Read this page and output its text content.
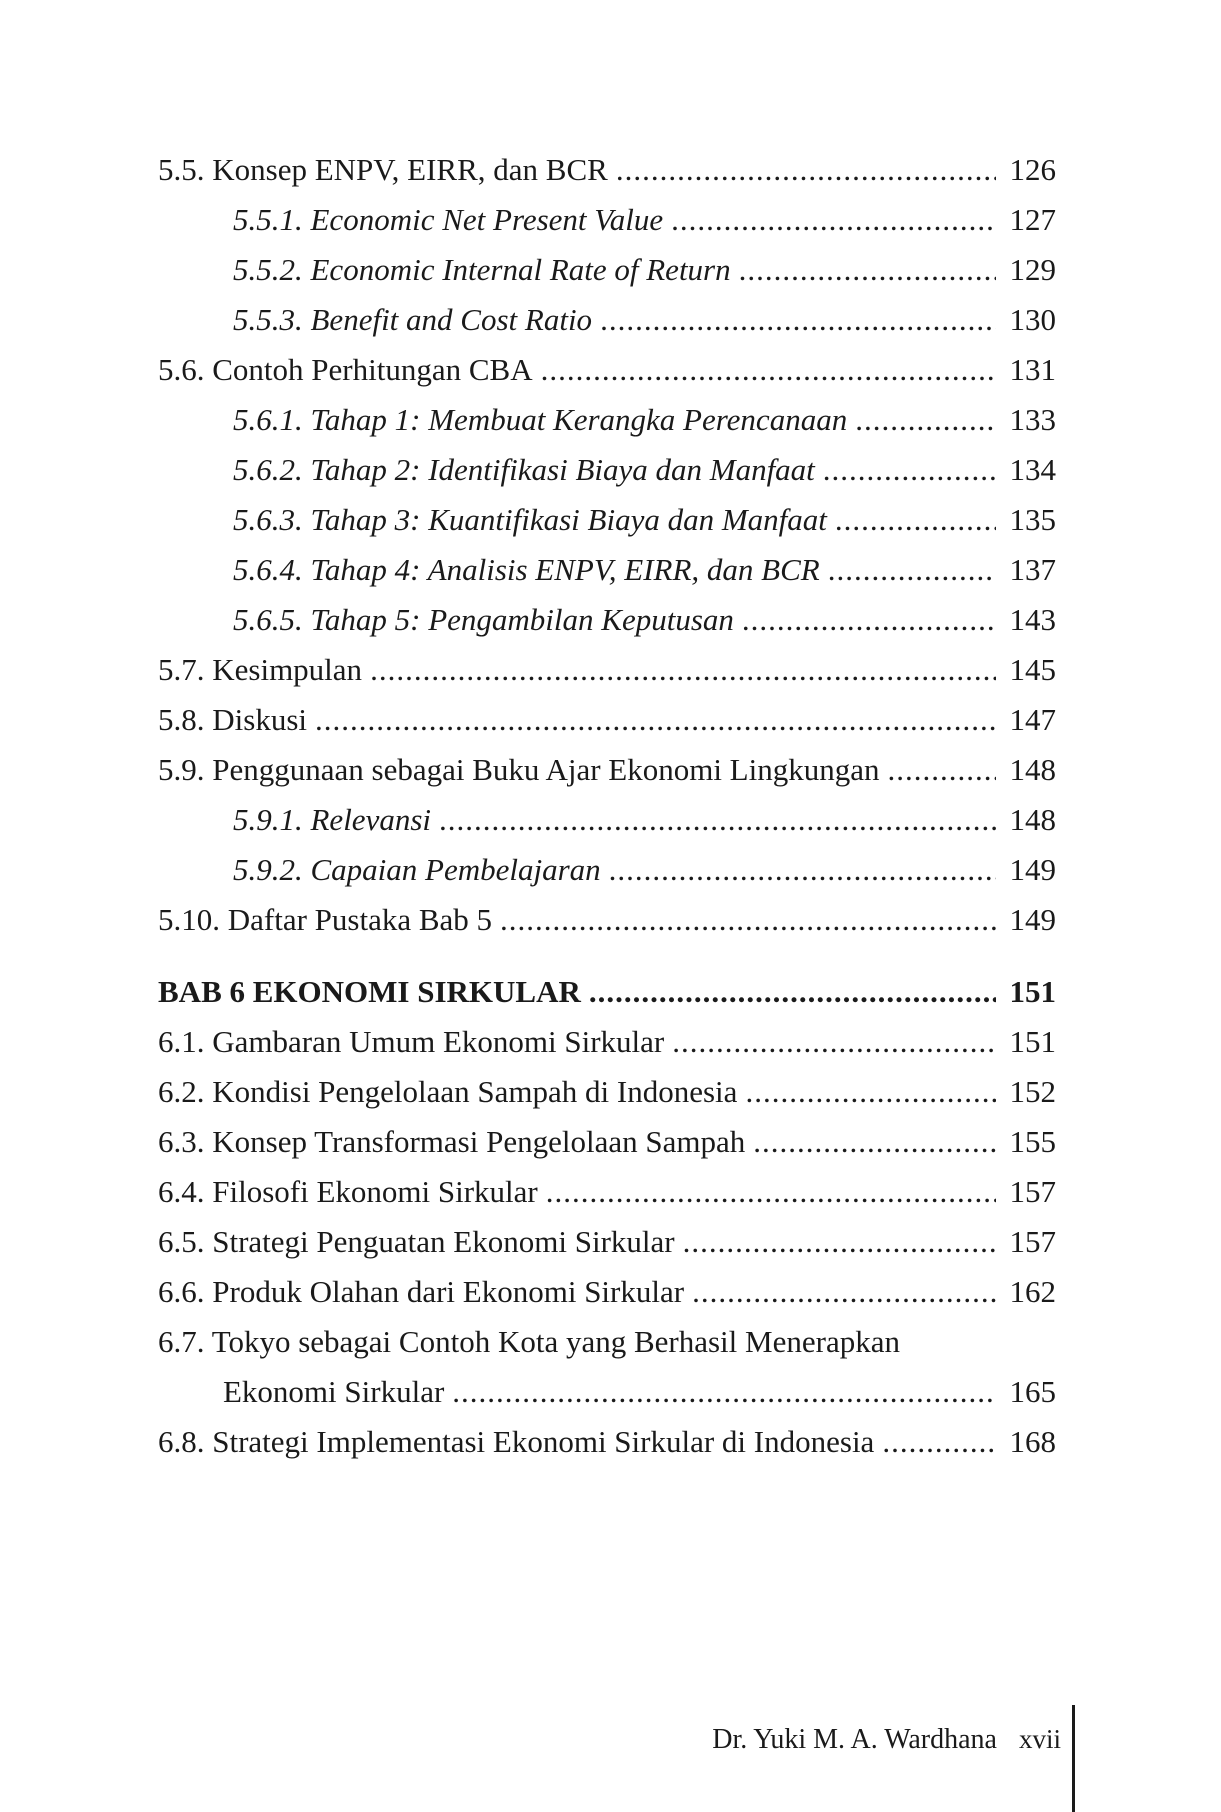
5.5. Konsep ENPV, EIRR, dan BCR .....	126
5.5.1. Economic Net Present Value .....	127
5.5.2. Economic Internal Rate of Return .....	129
5.5.3. Benefit and Cost Ratio .....	130
5.6. Contoh Perhitungan CBA .....	131
5.6.1. Tahap 1: Membuat Kerangka Perencanaan .....	133
5.6.2. Tahap 2: Identifikasi Biaya dan Manfaat .....	134
5.6.3. Tahap 3: Kuantifikasi Biaya dan Manfaat .....	135
5.6.4. Tahap 4: Analisis ENPV, EIRR, dan BCR .....	137
5.6.5. Tahap 5: Pengambilan Keputusan .....	143
5.7. Kesimpulan .....	145
5.8. Diskusi .....	147
5.9. Penggunaan sebagai Buku Ajar Ekonomi Lingkungan .....	148
5.9.1. Relevansi .....	148
5.9.2. Capaian Pembelajaran .....	149
5.10. Daftar Pustaka Bab 5 .....	149
BAB 6 EKONOMI SIRKULAR .....	151
6.1. Gambaran Umum Ekonomi Sirkular .....	151
6.2. Kondisi Pengelolaan Sampah di Indonesia .....	152
6.3. Konsep Transformasi Pengelolaan Sampah .....	155
6.4. Filosofi Ekonomi Sirkular .....	157
6.5. Strategi Penguatan Ekonomi Sirkular .....	157
6.6. Produk Olahan dari Ekonomi Sirkular .....	162
6.7. Tokyo sebagai Contoh Kota yang Berhasil Menerapkan
Ekonomi Sirkular .....	165
6.8. Strategi Implementasi Ekonomi Sirkular di Indonesia .....	168
Dr. Yuki M. A. Wardhana xvii
